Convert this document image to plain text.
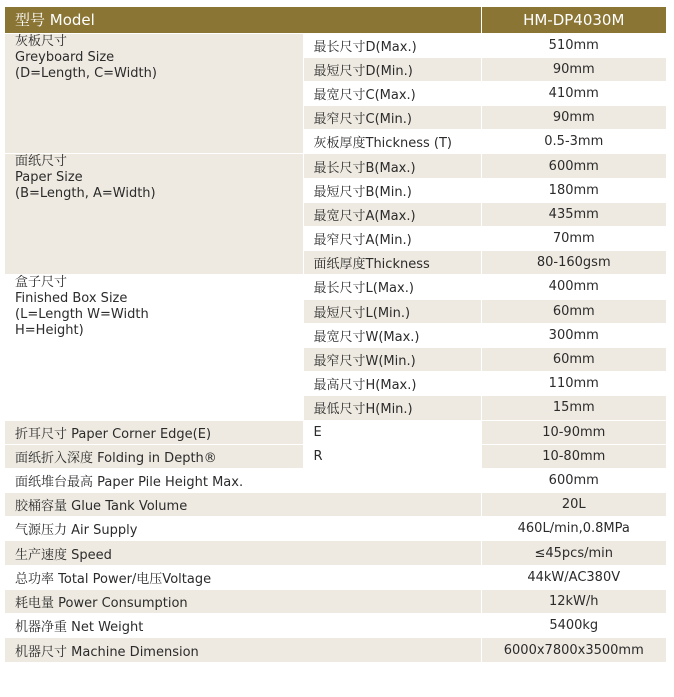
型号 Model		HM-DP4030M

灰板尺寸
Greyboard Size
(D=Length, C=Width)	最长尺寸D(Max.)	510mm
	最短尺寸D(Min.)	90mm
	最宽尺寸C(Max.)	410mm
	最窄尺寸C(Min.)	90mm
	灰板厚度Thickness (T)	0.5-3mm

面纸尺寸
Paper Size
(B=Length, A=Width)	最长尺寸B(Max.)	600mm
	最短尺寸B(Min.)	180mm
	最宽尺寸A(Max.)	435mm
	最窄尺寸A(Min.)	70mm
	面纸厚度Thickness	80-160gsm

盒子尺寸
Finished Box Size
(L=Length W=Width
H=Height)	最长尺寸L(Max.)	400mm
	最短尺寸L(Min.)	60mm
	最宽尺寸W(Max.)	300mm
	最窄尺寸W(Min.)	60mm
	最高尺寸H(Max.)	110mm
	最低尺寸H(Min.)	15mm
折耳尺寸 Paper Corner Edge(E)	E	10-90mm
面纸折入深度 Folding in Depth®	R	10-80mm
面纸堆台最高 Paper Pile Height Max.		600mm
胶桶容量 Glue Tank Volume		20L
气源压力 Air Supply		460L/min,0.8MPa
生产速度 Speed		≤45pcs/min
总功率 Total Power/电压Voltage		44kW/AC380V
耗电量 Power Consumption		12kW/h
机器净重 Net Weight		5400kg
机器尺寸 Machine Dimension		6000x7800x3500mm
